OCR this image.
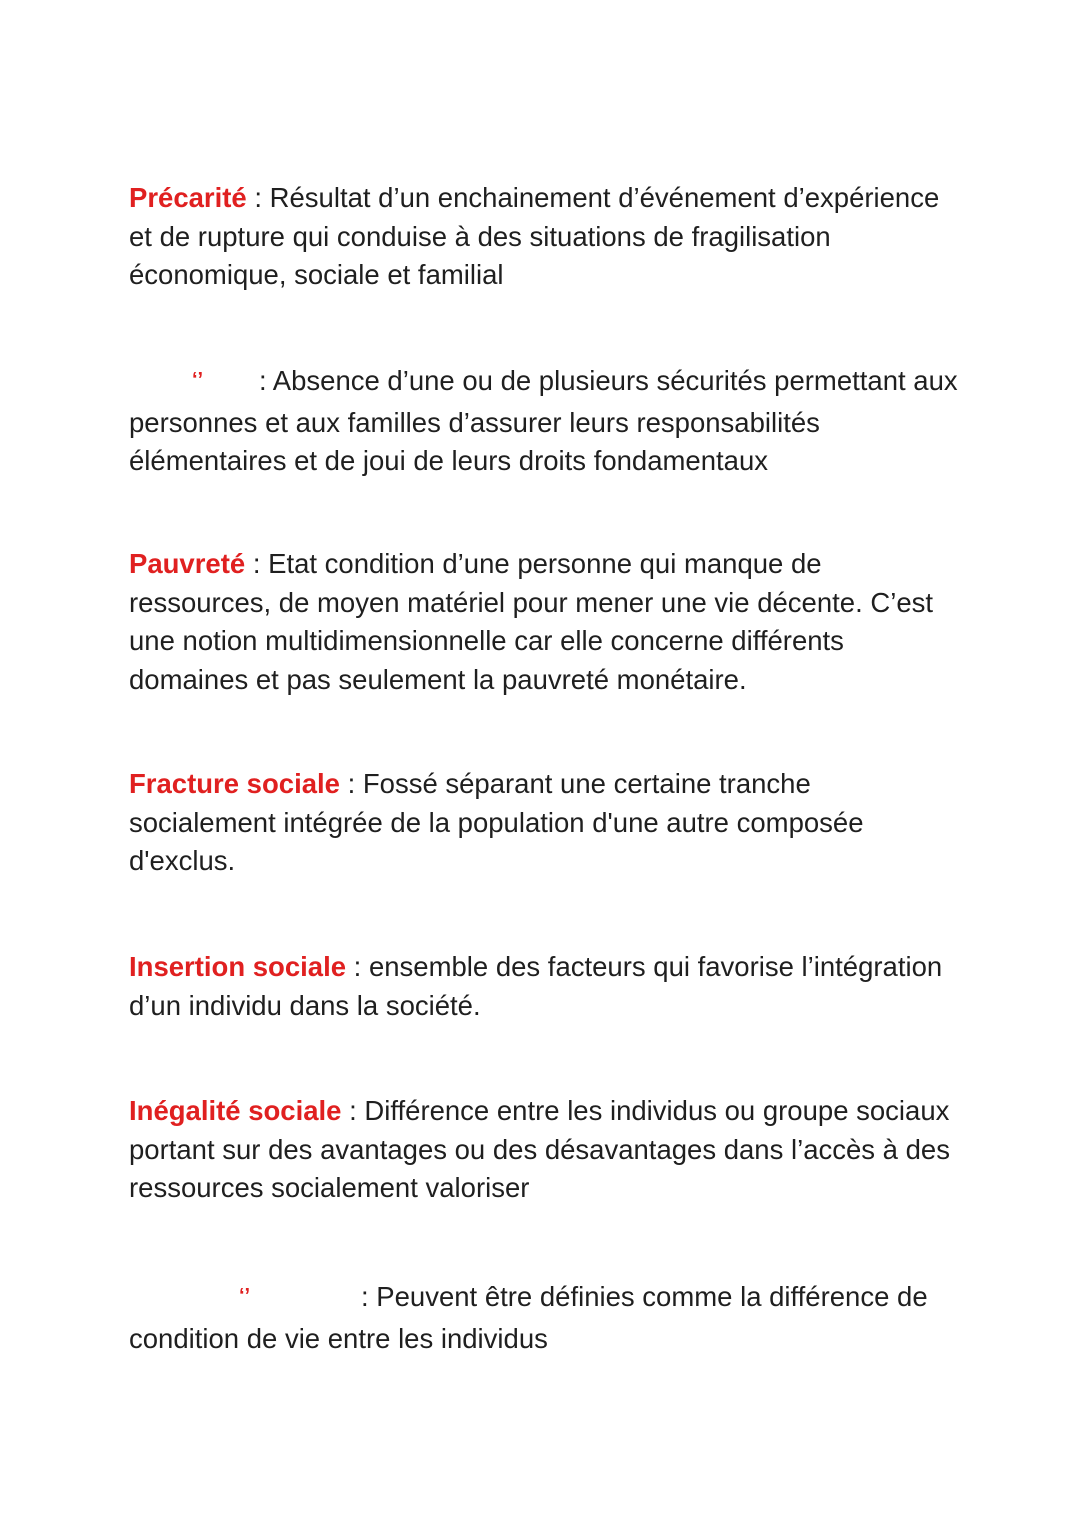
Précarité : Résultat d’un enchainement d’événement d’expérience et de rupture qui conduise à des situations de fragilisation économique, sociale et familial

‘’ : Absence d’une ou de plusieurs sécurités permettant aux personnes et aux familles d’assurer leurs responsabilités élémentaires et de joui de leurs droits fondamentaux

Pauvreté : Etat condition d’une personne qui manque de ressources, de moyen matériel pour mener une vie décente. C’est une notion multidimensionnelle car elle concerne différents domaines et pas seulement la pauvreté monétaire.

Fracture sociale : Fossé séparant une certaine tranche socialement intégrée de la population d'une autre composée d'exclus.

Insertion sociale : ensemble des facteurs qui favorise l’intégration d’un individu dans la société.

Inégalité sociale : Différence entre les individus ou groupe sociaux portant sur des avantages ou des désavantages dans l’accès à des ressources socialement valoriser

‘’	: Peuvent être définies comme la différence de condition de vie entre les individus
